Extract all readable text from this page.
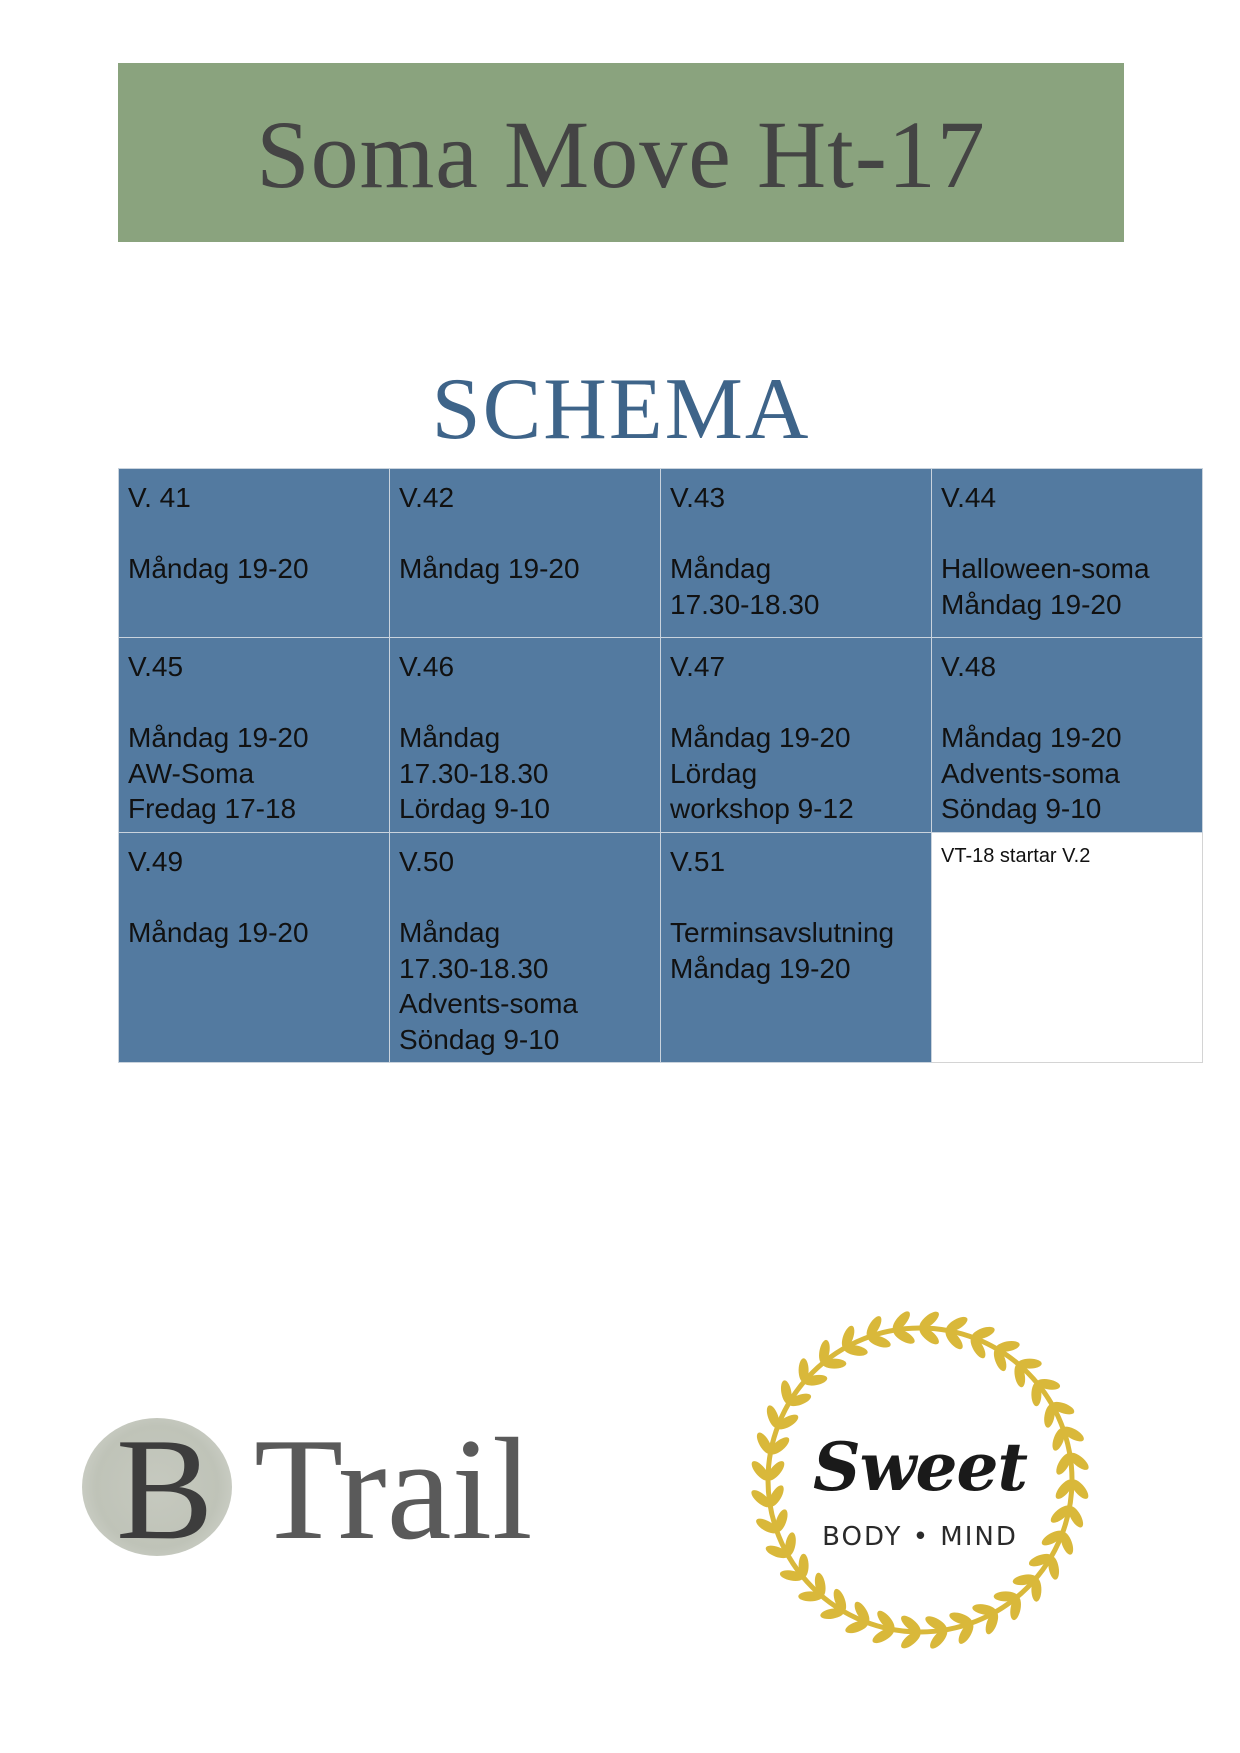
Soma Move Ht-17
SCHEMA
V. 41
Måndag 19-20	V.42
Måndag 19-20	V.43
Måndag
17.30-18.30	V.44
Halloween-soma
Måndag 19-20

V.45
Måndag 19-20
AW-Soma
Fredag 17-18	V.46
Måndag
17.30-18.30
Lördag 9-10	V.47
Måndag 19-20
Lördag
workshop 9-12	V.48
Måndag 19-20
Advents-soma
Söndag 9-10

V.49
Måndag 19-20	V.50
Måndag
17.30-18.30
Advents-soma
Söndag 9-10	V.51
Terminsavslutning
Måndag 19-20	VT-18 startar V.2
B Trail	Sweet
BODY • MIND
